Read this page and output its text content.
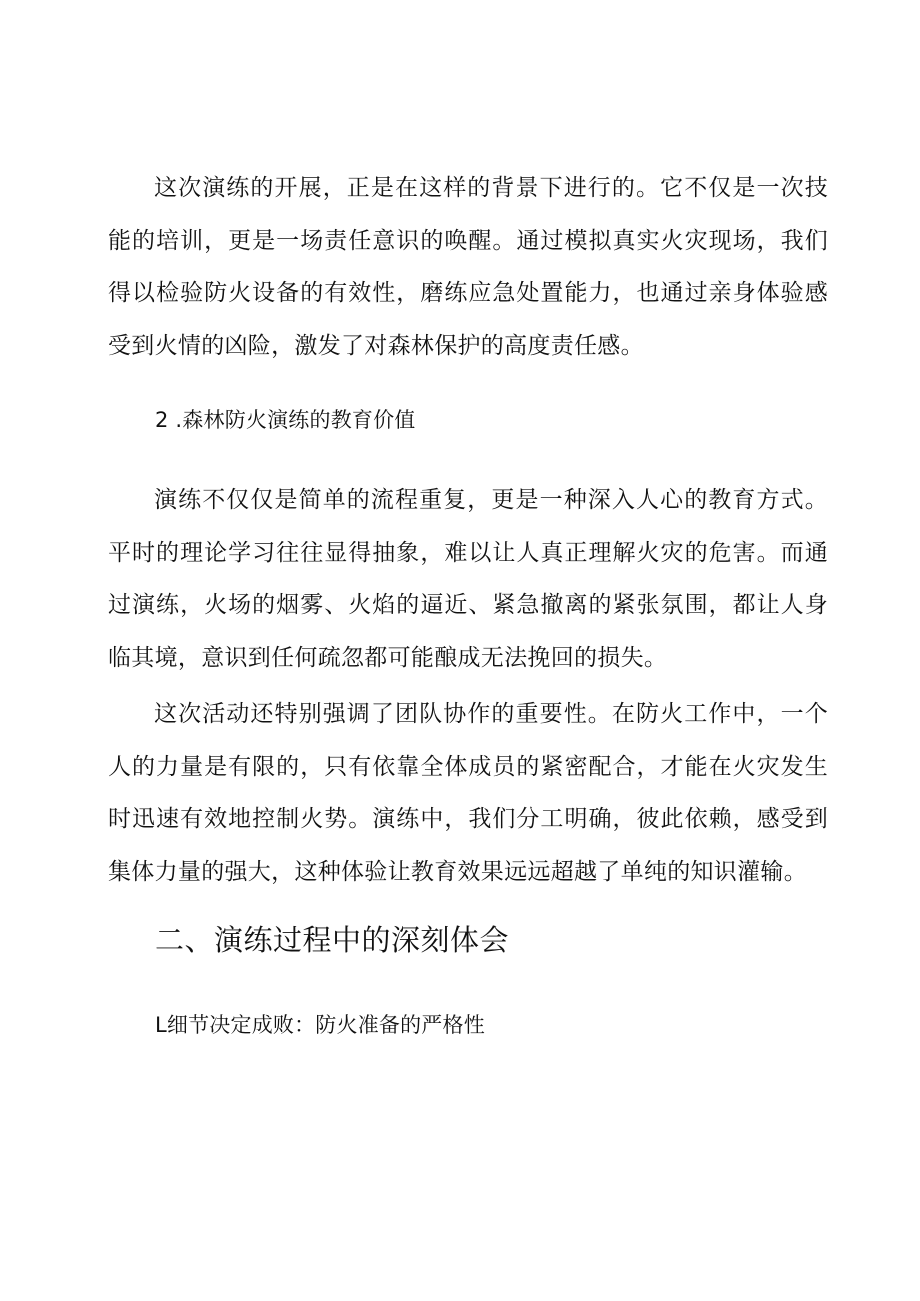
这次演练的开展，正是在这样的背景下进行的。它不仅是一次技能的培训，更是一场责任意识的唤醒。通过模拟真实火灾现场，我们得以检验防火设备的有效性，磨练应急处置能力，也通过亲身体验感受到火情的凶险，激发了对森林保护的高度责任感。

2 .森林防火演练的教育价值

演练不仅仅是简单的流程重复，更是一种深入人心的教育方式。平时的理论学习往往显得抽象，难以让人真正理解火灾的危害。而通过演练，火场的烟雾、火焰的逼近、紧急撤离的紧张氛围，都让人身临其境，意识到任何疏忽都可能酿成无法挽回的损失。

这次活动还特别强调了团队协作的重要性。在防火工作中，一个人的力量是有限的，只有依靠全体成员的紧密配合，才能在火灾发生时迅速有效地控制火势。演练中，我们分工明确，彼此依赖，感受到集体力量的强大，这种体验让教育效果远远超越了单纯的知识灌输。

二、演练过程中的深刻体会
L细节决定成败：防火准备的严格性
